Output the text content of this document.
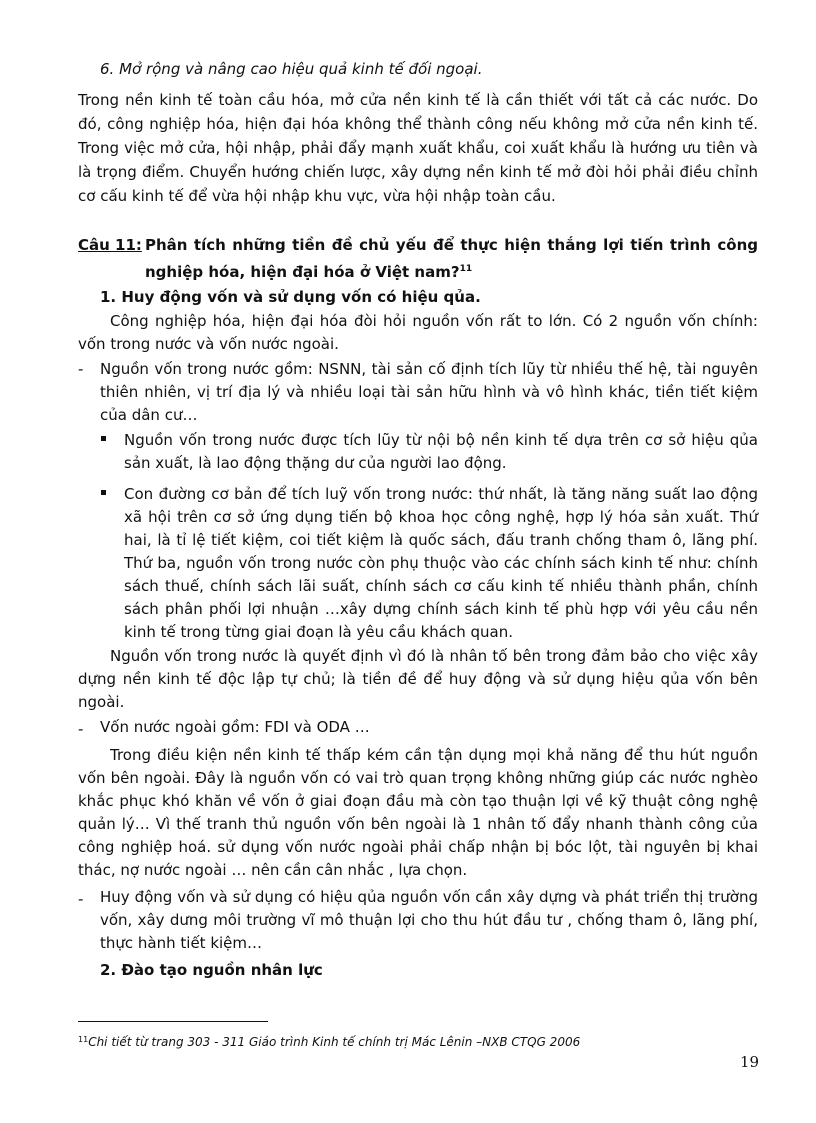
6. Mở rộng và nâng cao hiệu quả kinh tế đối ngoại.

Trong nền kinh tế toàn cầu hóa, mở cửa nền kinh tế là cần thiết với tất cả các nước. Do đó, công nghiệp hóa, hiện đại hóa không thể thành công nếu không mở cửa nền kinh tế. Trong việc mở cửa, hội nhập, phải đẩy mạnh xuất khẩu, coi xuất khẩu là hướng ưu tiên và là trọng điểm. Chuyển hướng chiến lược, xây dựng nền kinh tế mở đòi hỏi phải điều chỉnh cơ cấu kinh tế để vừa hội nhập khu vực, vừa hội nhập toàn cầu.

Câu 11: Phân tích những tiền đề chủ yếu để thực hiện thắng lợi tiến trình công nghiệp hóa, hiện đại hóa ở Việt nam?$^{11}$

1. Huy động vốn và sử dụng vốn có hiệu qủa.

Công nghiệp hóa, hiện đại hóa đòi hỏi nguồn vốn rất to lớn. Có 2 nguồn vốn chính: vốn trong nước và vốn nước ngoài.

- Nguồn vốn trong nước gồm: NSNN, tài sản cố định tích lũy từ nhiều thế hệ, tài nguyên thiên nhiên, vị trí địa lý và nhiều loại tài sản hữu hình và vô hình khác, tiền tiết kiệm của dân cư…

Nguồn vốn trong nước được tích lũy từ nội bộ nền kinh tế dựa trên cơ sở hiệu qủa sản xuất, là lao động thặng dư của người lao động.

Con đường cơ bản để tích luỹ vốn trong nước: thứ nhất, là tăng năng suất lao động xã hội trên cơ sở ứng dụng tiến bộ khoa học công nghệ, hợp lý hóa sản xuất. Thứ hai, là tỉ lệ tiết kiệm, coi tiết kiệm là quốc sách, đấu tranh chống tham ô, lãng phí. Thứ ba, nguồn vốn trong nước còn phụ thuộc vào các chính sách kinh tế như: chính sách thuế, chính sách lãi suất, chính sách cơ cấu kinh tế nhiều thành phần, chính sách phân phối lợi nhuận …xây dựng chính sách kinh tế phù hợp với yêu cầu nền kinh tế trong từng giai đoạn là yêu cầu khách quan.

Nguồn vốn trong nước là quyết định vì đó là nhân tố bên trong đảm bảo cho việc xây dựng nền kinh tế độc lập tự chủ; là tiền đề để huy động và sử dụng hiệu qủa vốn bên ngoài.

- Vốn nước ngoài gồm: FDI và ODA …

Trong điều kiện nền kinh tế thấp kém cần tận dụng mọi khả năng để thu hút nguồn vốn bên ngoài. Đây là nguồn vốn có vai trò quan trọng không những giúp các nước nghèo khắc phục khó khăn về vốn ở giai đoạn đầu mà còn tạo thuận lợi về kỹ thuật công nghệ quản lý… Vì thế tranh thủ nguồn vốn bên ngoài là 1 nhân tố đẩy nhanh thành công của công nghiệp hoá. sử dụng vốn nước ngoài phải chấp nhận bị bóc lột, tài nguyên bị khai thác, nợ nước ngoài … nên cần cân nhắc , lựa chọn.

- Huy động vốn và sử dụng có hiệu qủa nguồn vốn cần xây dựng và phát triển thị trường vốn, xây dưng môi trường vĩ mô thuận lợi cho thu hút đầu tư , chống tham ô, lãng phí, thực hành tiết kiệm…

2. Đào tạo nguồn nhân lực

$^{11}$Chi tiết từ trang 303 - 311 Giáo trình Kinh tế chính trị Mác Lênin –NXB CTQG 2006
19
